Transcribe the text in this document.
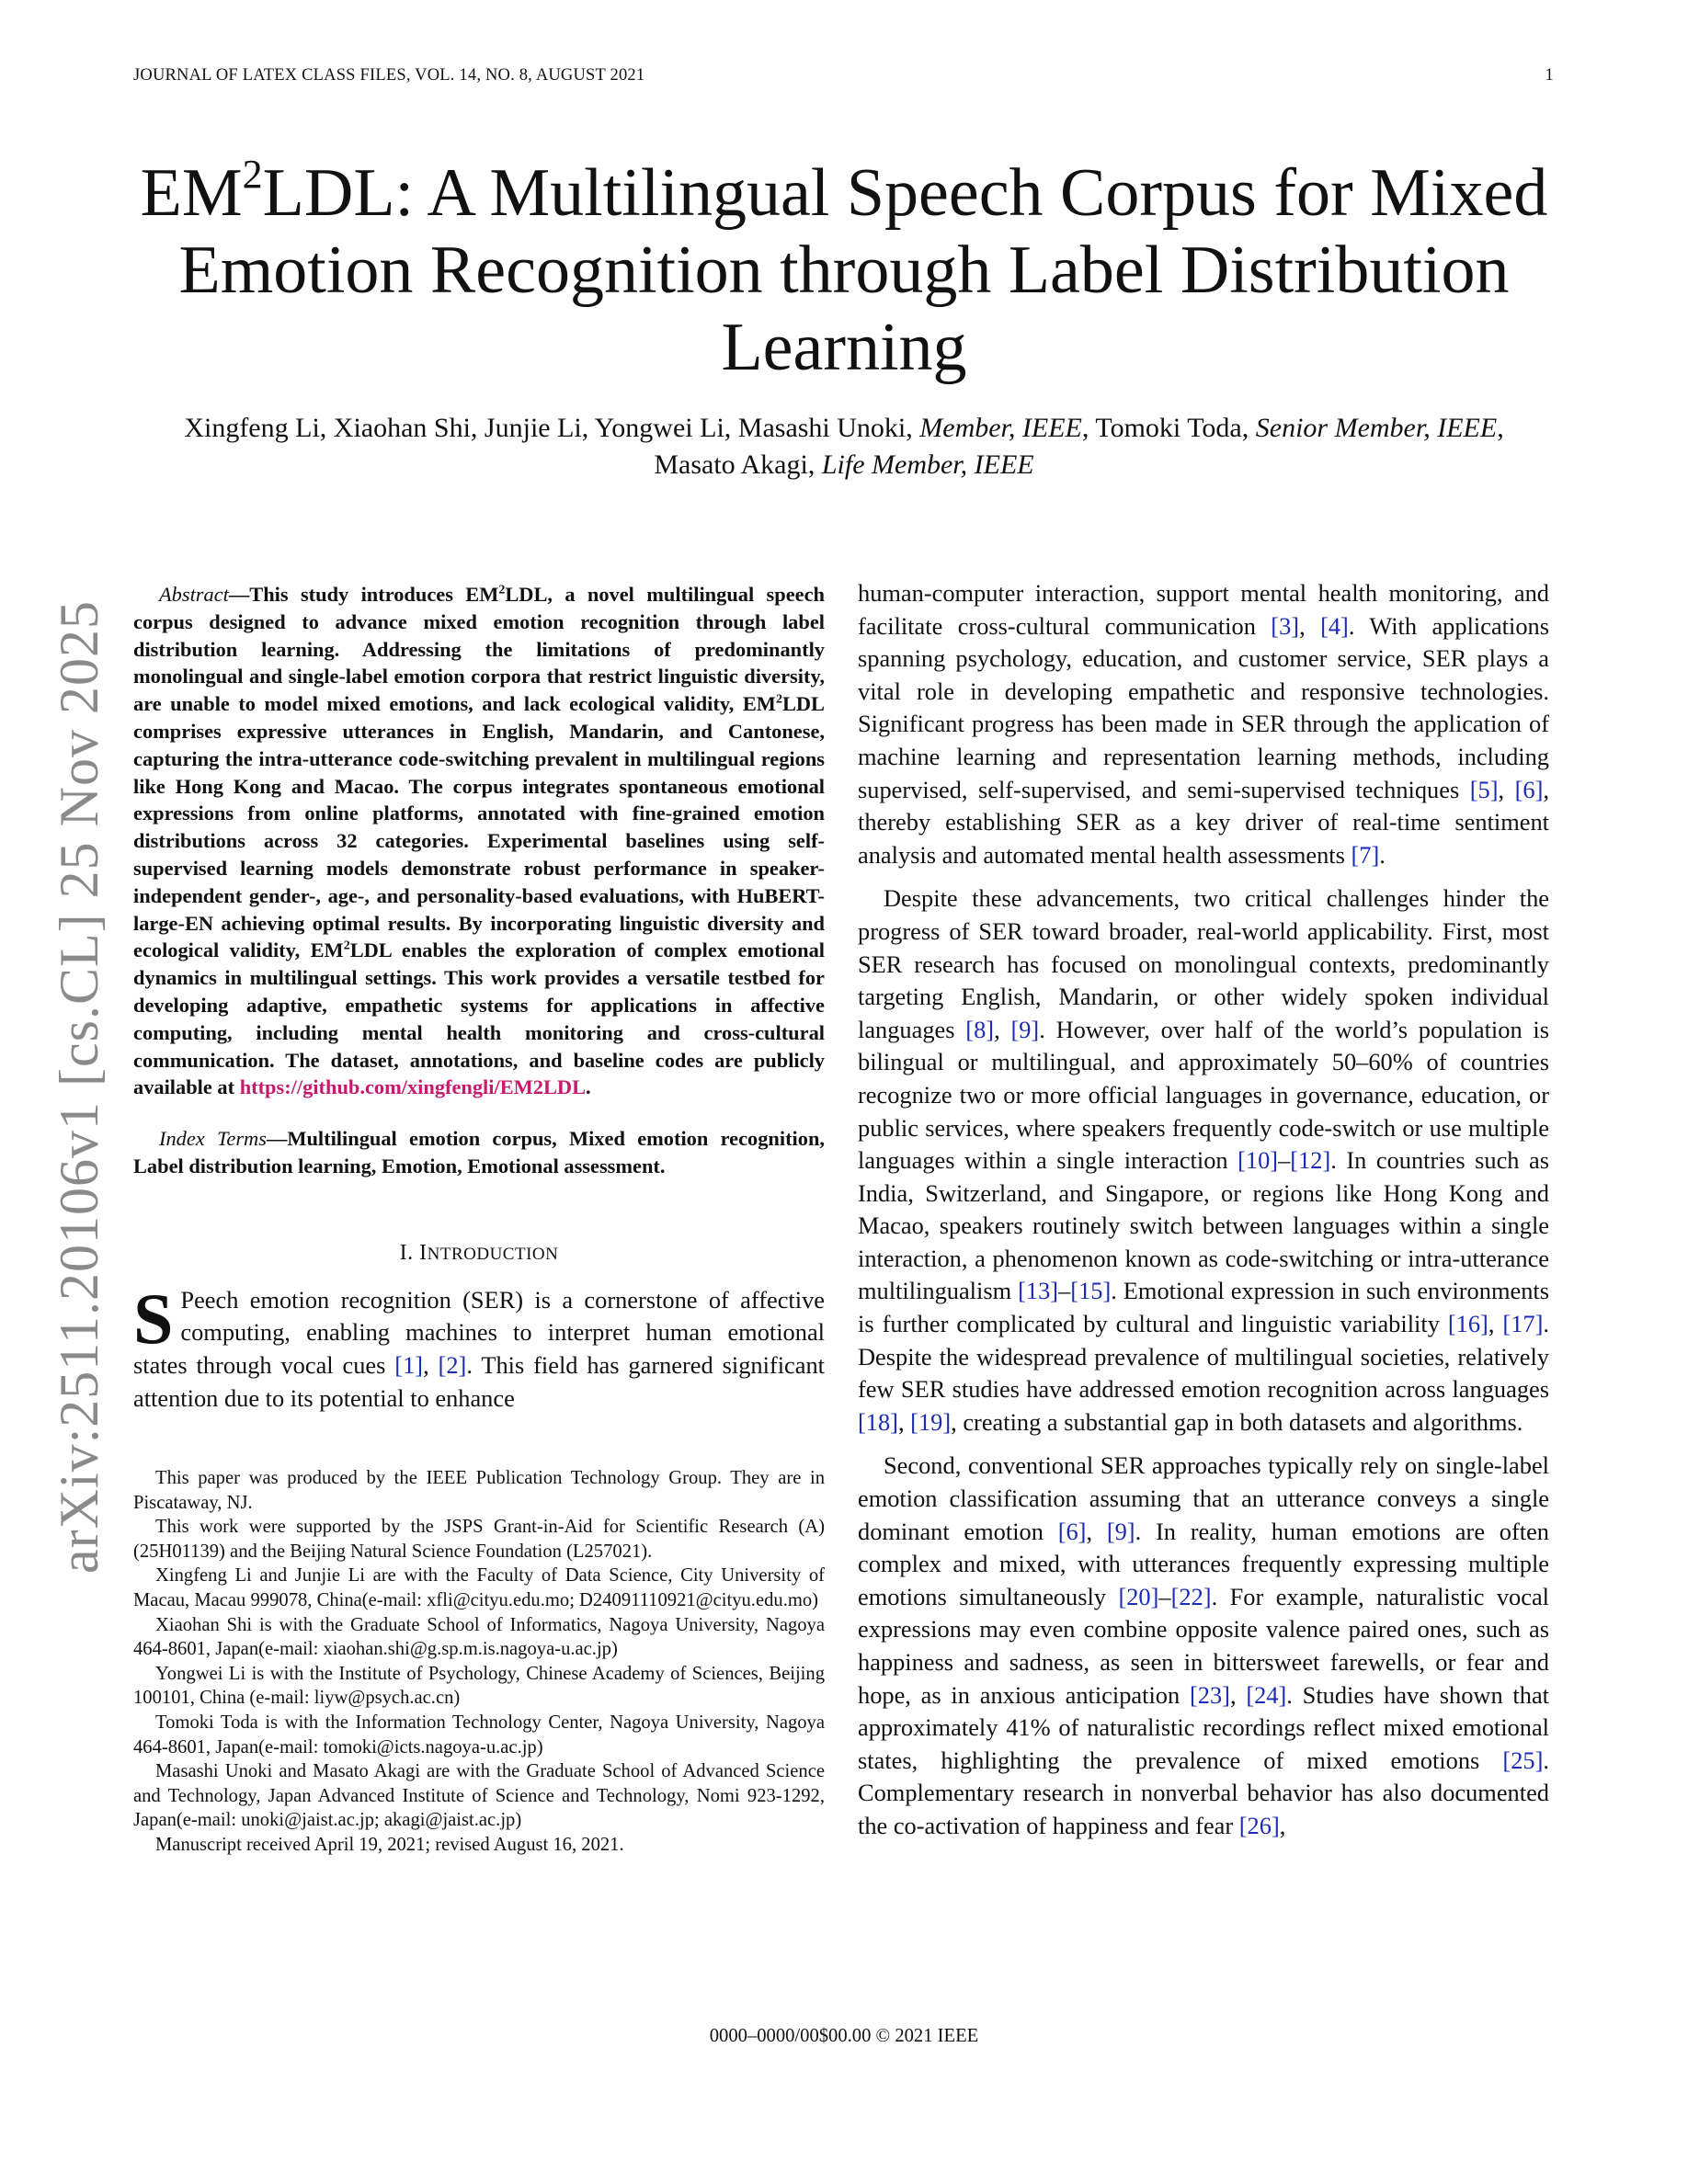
JOURNAL OF LATEX CLASS FILES, VOL. 14, NO. 8, AUGUST 2021	1
$EM^2LDL$: A Multilingual Speech Corpus for Mixed Emotion Recognition through Label Distribution Learning
Xingfeng Li, Xiaohan Shi, Junjie Li, Yongwei Li, Masashi Unoki, Member, IEEE, Tomoki Toda, Senior Member, IEEE, Masato Akagi, Life Member, IEEE
arXiv:2511.20106v1 [cs.CL] 25 Nov 2025

Abstract—This study introduces $EM^2LDL$, a novel multilingual speech corpus designed to advance mixed emotion recognition through label distribution learning. Addressing the limitations of predominantly monolingual and single-label emotion corpora that restrict linguistic diversity, are unable to model mixed emotions, and lack ecological validity, $EM^2LDL$ comprises expressive utterances in English, Mandarin, and Cantonese, capturing the intra-utterance code-switching prevalent in multilingual regions like Hong Kong and Macao. The corpus integrates spontaneous emotional expressions from online platforms, annotated with fine-grained emotion distributions across 32 categories. Experimental baselines using self-supervised learning models demonstrate robust performance in speaker-independent gender-, age-, and personality-based evaluations, with HuBERT-large-EN achieving optimal results. By incorporating linguistic diversity and ecological validity, $EM^2LDL$ enables the exploration of complex emotional dynamics in multilingual settings. This work provides a versatile testbed for developing adaptive, empathetic systems for applications in affective computing, including mental health monitoring and cross-cultural communication. The dataset, annotations, and baseline codes are publicly available at https://github.com/xingfengli/EM2LDL.

Index Terms—Multilingual emotion corpus, Mixed emotion recognition, Label distribution learning, Emotion, Emotional assessment.

I. INTRODUCTION

S Peech emotion recognition (SER) is a cornerstone of affective computing, enabling machines to interpret human emotional states through vocal cues [1], [2]. This field has garnered significant attention due to its potential to enhance

This paper was produced by the IEEE Publication Technology Group. They are in Piscataway, NJ.

This work were supported by the JSPS Grant-in-Aid for Scientific Research (A) (25H01139) and the Beijing Natural Science Foundation (L257021).

Xingfeng Li and Junjie Li are with the Faculty of Data Science, City University of Macau, Macau 999078, China(e-mail: xfli@cityu.edu.mo; D24091110921@cityu.edu.mo)

Xiaohan Shi is with the Graduate School of Informatics, Nagoya University, Nagoya 464-8601, Japan(e-mail: xiaohan.shi@g.sp.m.is.nagoya-u.ac.jp)

Yongwei Li is with the Institute of Psychology, Chinese Academy of Sciences, Beijing 100101, China (e-mail: liyw@psych.ac.cn)

Tomoki Toda is with the Information Technology Center, Nagoya University, Nagoya 464-8601, Japan(e-mail: tomoki@icts.nagoya-u.ac.jp)

Masashi Unoki and Masato Akagi are with the Graduate School of Advanced Science and Technology, Japan Advanced Institute of Science and Technology, Nomi 923-1292, Japan(e-mail: unoki@jaist.ac.jp; akagi@jaist.ac.jp)

Manuscript received April 19, 2021; revised August 16, 2021.

human-computer interaction, support mental health monitoring, and facilitate cross-cultural communication [3], [4]. With applications spanning psychology, education, and customer service, SER plays a vital role in developing empathetic and responsive technologies. Significant progress has been made in SER through the application of machine learning and representation learning methods, including supervised, self-supervised, and semi-supervised techniques [5], [6], thereby establishing SER as a key driver of real-time sentiment analysis and automated mental health assessments [7].

Despite these advancements, two critical challenges hinder the progress of SER toward broader, real-world applicability. First, most SER research has focused on monolingual contexts, predominantly targeting English, Mandarin, or other widely spoken individual languages [8], [9]. However, over half of the world’s population is bilingual or multilingual, and approximately 50–60% of countries recognize two or more official languages in governance, education, or public services, where speakers frequently code-switch or use multiple languages within a single interaction [10]–[12]. In countries such as India, Switzerland, and Singapore, or regions like Hong Kong and Macao, speakers routinely switch between languages within a single interaction, a phenomenon known as code-switching or intra-utterance multilingualism [13]–[15]. Emotional expression in such environments is further complicated by cultural and linguistic variability [16], [17]. Despite the widespread prevalence of multilingual societies, relatively few SER studies have addressed emotion recognition across languages [18], [19], creating a substantial gap in both datasets and algorithms.

Second, conventional SER approaches typically rely on single-label emotion classification assuming that an utterance conveys a single dominant emotion [6], [9]. In reality, human emotions are often complex and mixed, with utterances frequently expressing multiple emotions simultaneously [20]–[22]. For example, naturalistic vocal expressions may even combine opposite valence paired ones, such as happiness and sadness, as seen in bittersweet farewells, or fear and hope, as in anxious anticipation [23], [24]. Studies have shown that approximately 41% of naturalistic recordings reflect mixed emotional states, highlighting the prevalence of mixed emotions [25]. Complementary research in nonverbal behavior has also documented the co-activation of happiness and fear [26],

0000–0000/00$00.00 © 2021 IEEE
